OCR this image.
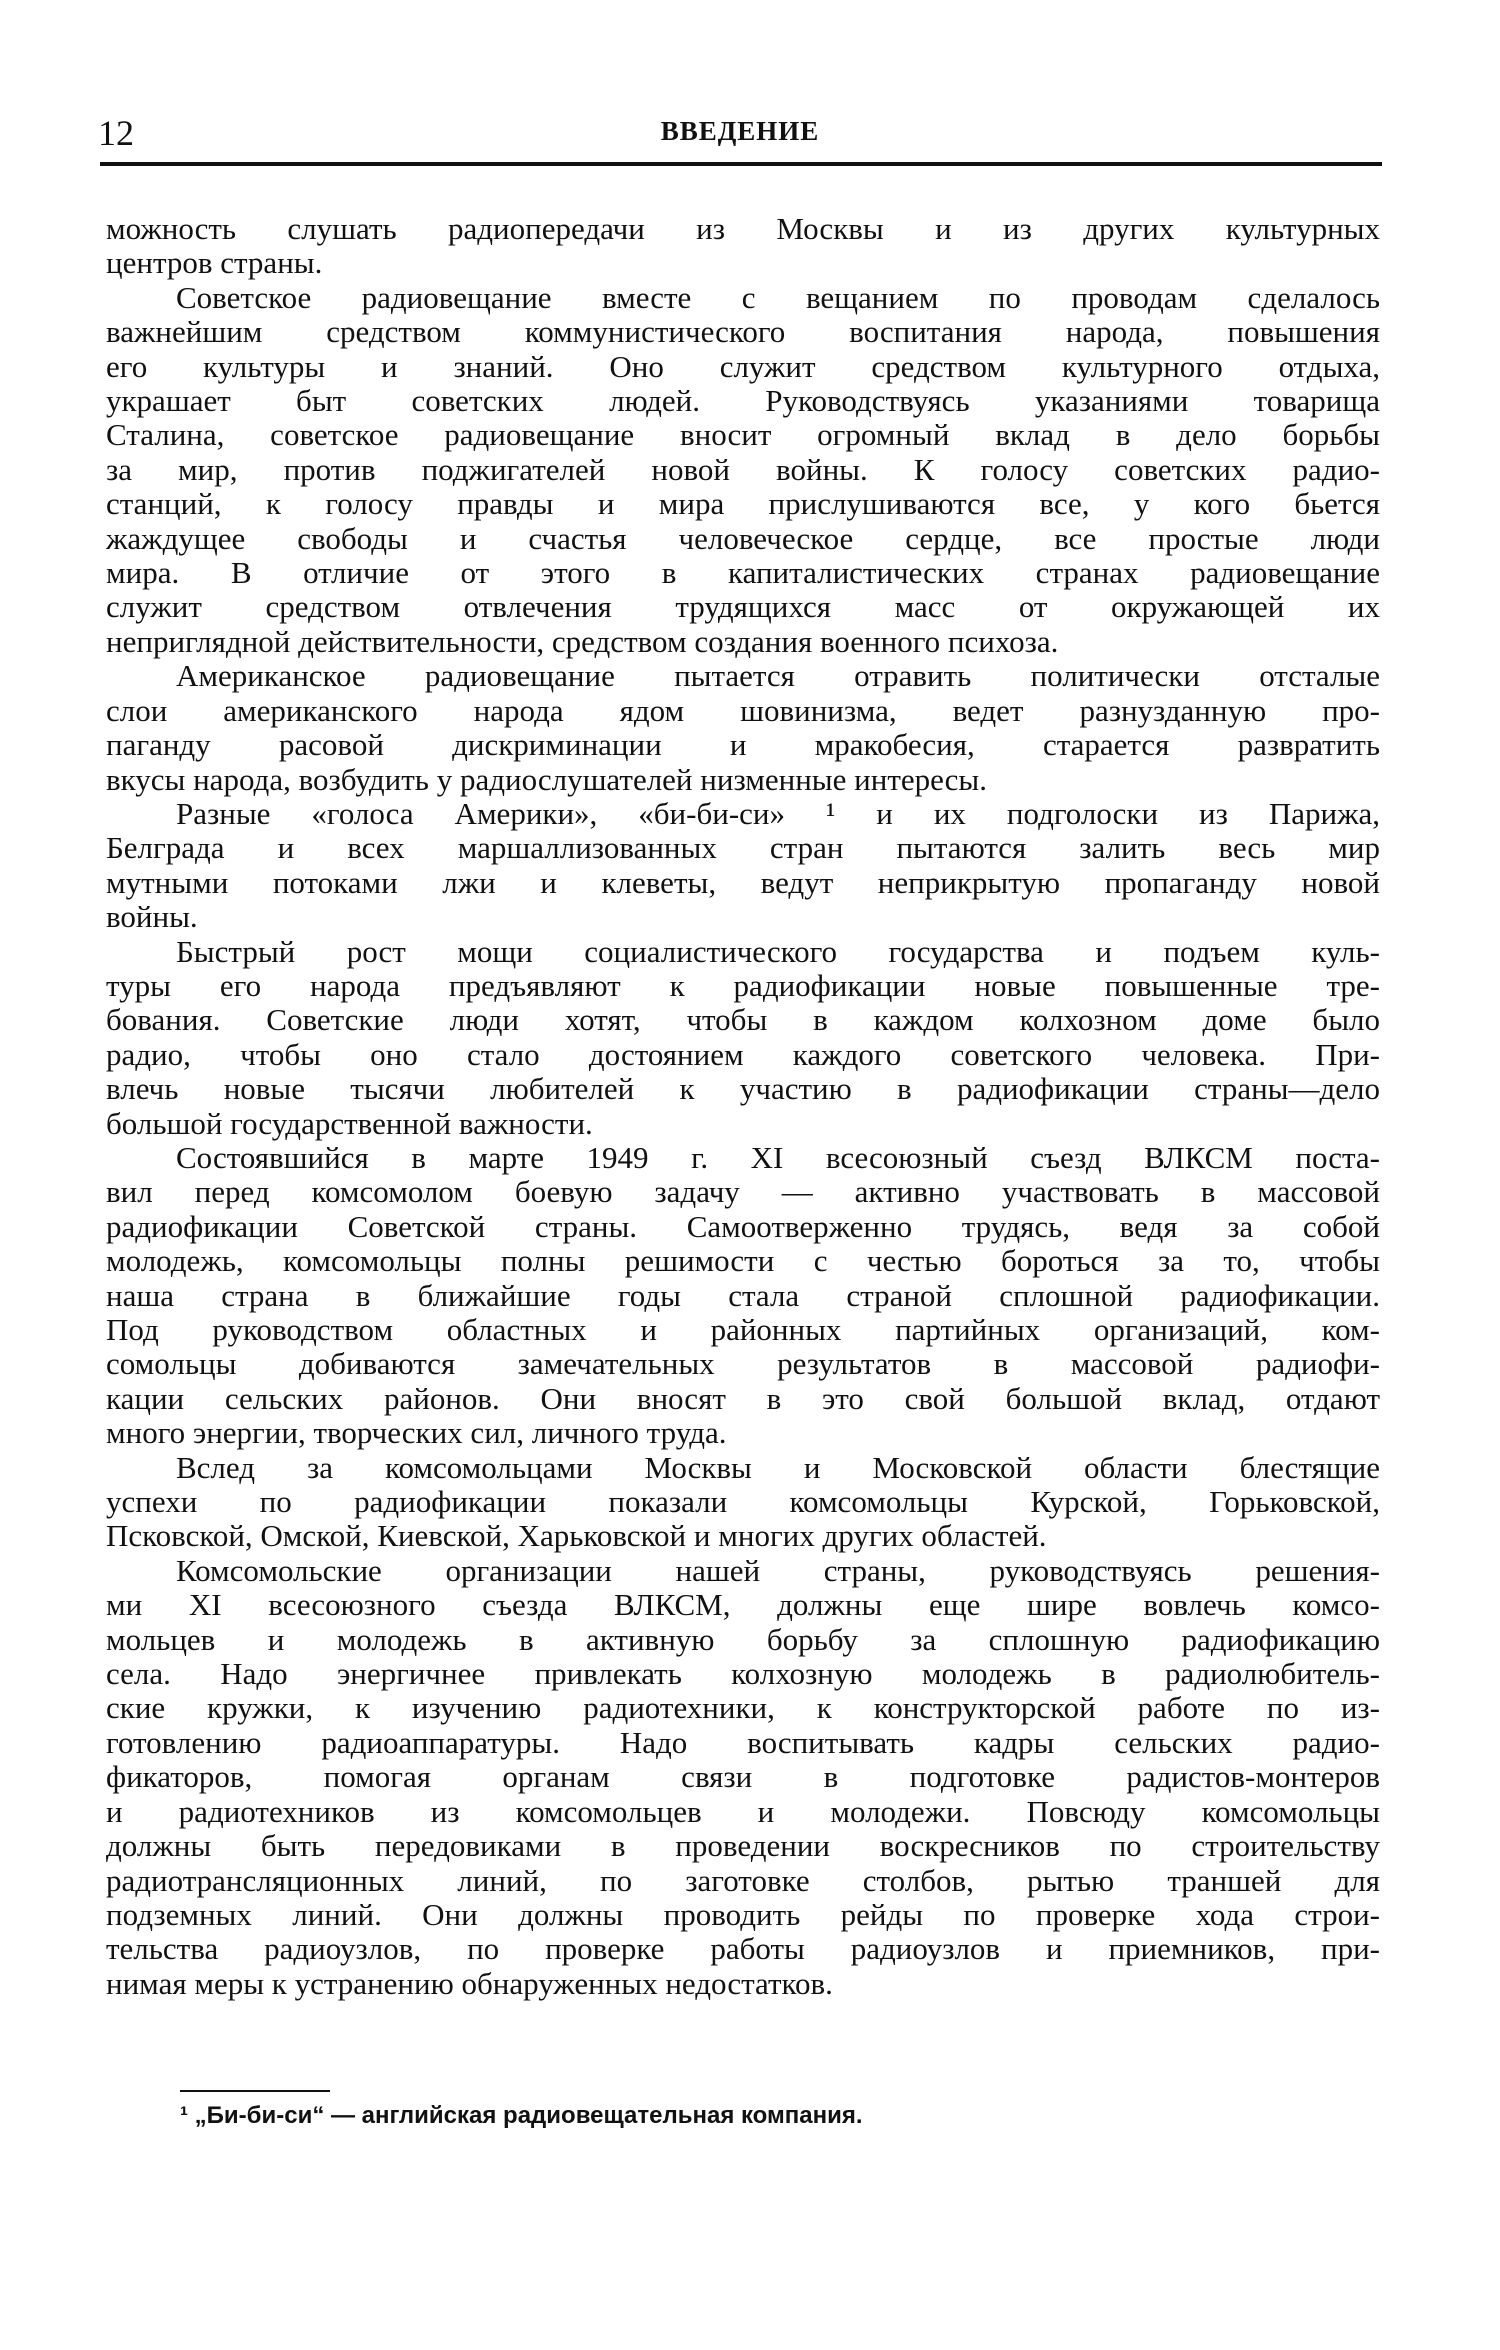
12	ВВЕДЕНИЕ
можность слушать радиопередачи из Москвы и из других культурных
центров страны.
Советское радиовещание вместе с вещанием по проводам сделалось
важнейшим средством коммунистического воспитания народа, повышения
его культуры и знаний. Оно служит средством культурного отдыха,
украшает быт советских людей. Руководствуясь указаниями товарища
Сталина, советское радиовещание вносит огромный вклад в дело борьбы
за мир, против поджигателей новой войны. К голосу советских радио-
станций, к голосу правды и мира прислушиваются все, у кого бьется
жаждущее свободы и счастья человеческое сердце, все простые люди
мира. В отличие от этого в капиталистических странах радиовещание
служит средством отвлечения трудящихся масс от окружающей их
неприглядной действительности, средством создания военного психоза.
Американское радиовещание пытается отравить политически отсталые
слои американского народа ядом шовинизма, ведет разнузданную про-
паганду расовой дискриминации и мракобесия, старается развратить
вкусы народа, возбудить у радиослушателей низменные интересы.
Разные «голоса Америки», «би-би-си» ¹ и их подголоски из Парижа,
Белграда и всех маршаллизованных стран пытаются залить весь мир
мутными потоками лжи и клеветы, ведут неприкрытую пропаганду новой
войны.
Быстрый рост мощи социалистического государства и подъем куль-
туры его народа предъявляют к радиофикации новые повышенные тре-
бования. Советские люди хотят, чтобы в каждом колхозном доме было
радио, чтобы оно стало достоянием каждого советского человека. При-
влечь новые тысячи любителей к участию в радиофикации страны—дело
большой государственной важности.
Состоявшийся в марте 1949 г. XI всесоюзный съезд ВЛКСМ поста-
вил перед комсомолом боевую задачу — активно участвовать в массовой
радиофикации Советской страны. Самоотверженно трудясь, ведя за собой
молодежь, комсомольцы полны решимости с честью бороться за то, чтобы
наша страна в ближайшие годы стала страной сплошной радиофикации.
Под руководством областных и районных партийных организаций, ком-
сомольцы добиваются замечательных результатов в массовой радиофи-
кации сельских районов. Они вносят в это свой большой вклад, отдают
много энергии, творческих сил, личного труда.
Вслед за комсомольцами Москвы и Московской области блестящие
успехи по радиофикации показали комсомольцы Курской, Горьковской,
Псковской, Омской, Киевской, Харьковской и многих других областей.
Комсомольские организации нашей страны, руководствуясь решения-
ми XI всесоюзного съезда ВЛКСМ, должны еще шире вовлечь комсо-
мольцев и молодежь в активную борьбу за сплошную радиофикацию
села. Надо энергичнее привлекать колхозную молодежь в радиолюбитель-
ские кружки, к изучению радиотехники, к конструкторской работе по из-
готовлению радиоаппаратуры. Надо воспитывать кадры сельских радио-
фикаторов, помогая органам связи в подготовке радистов-монтеров
и радиотехников из комсомольцев и молодежи. Повсюду комсомольцы
должны быть передовиками в проведении воскресников по строительству
радиотрансляционных линий, по заготовке столбов, рытью траншей для
подземных линий. Они должны проводить рейды по проверке хода строи-
тельства радиоузлов, по проверке работы радиоузлов и приемников, при-
нимая меры к устранению обнаруженных недостатков.
¹ „Би-би-си“ — английская радиовещательная компания.
